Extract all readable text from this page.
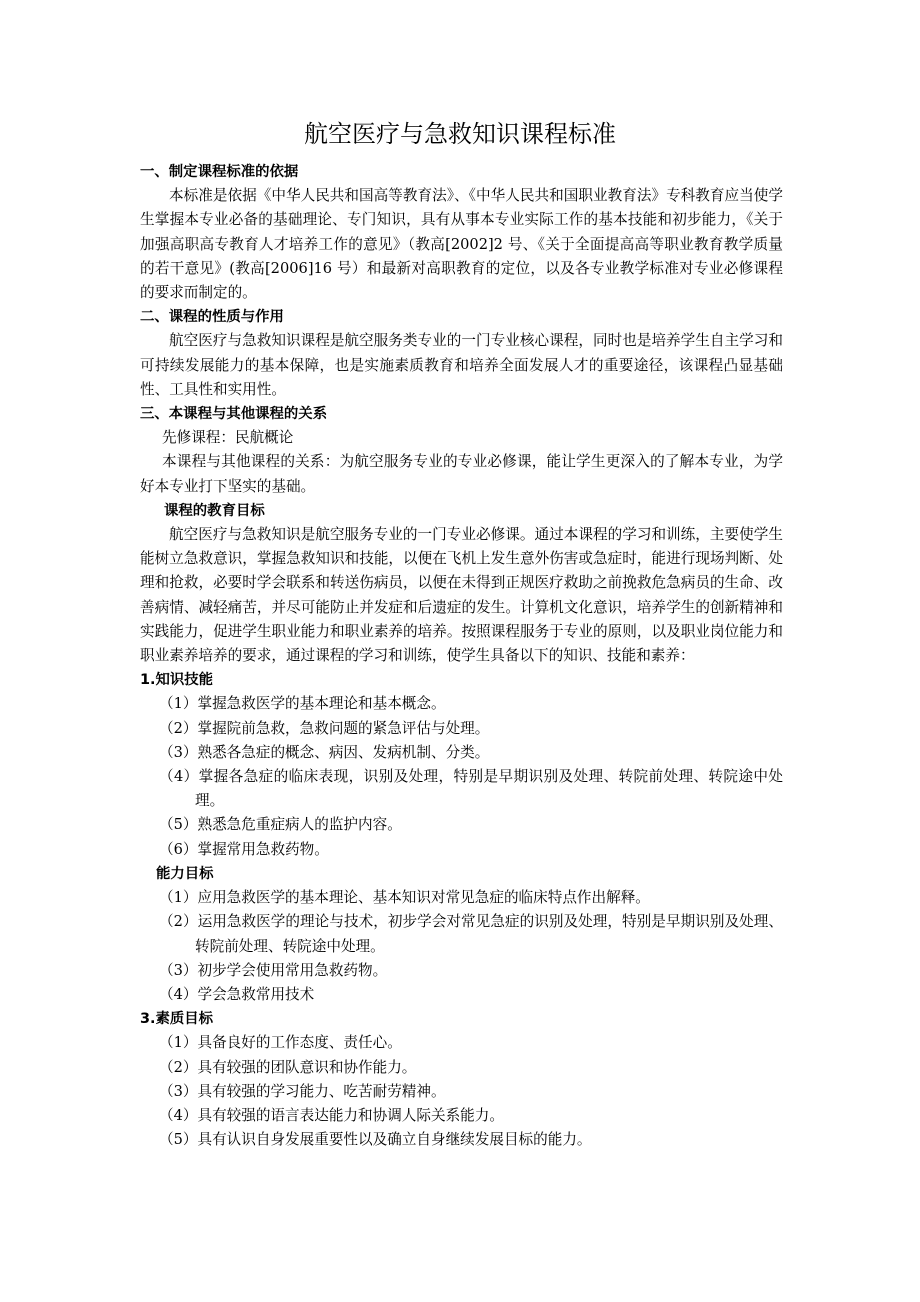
航空医疗与急救知识课程标准
一、制定课程标准的依据

本标准是依据《中华人民共和国高等教育法》、《中华人民共和国职业教育法》专科教育应当使学生掌握本专业必备的基础理论、专门知识，具有从事本专业实际工作的基本技能和初步能力，《关于加强高职高专教育人才培养工作的意见》（教高[2002]2 号、《关于全面提高高等职业教育教学质量的若干意见》(教高[2006]16 号）和最新对高职教育的定位，以及各专业教学标准对专业必修课程的要求而制定的。

二、课程的性质与作用

航空医疗与急救知识课程是航空服务类专业的一门专业核心课程，同时也是培养学生自主学习和可持续发展能力的基本保障，也是实施素质教育和培养全面发展人才的重要途径，该课程凸显基础性、工具性和实用性。

三、本课程与其他课程的关系

先修课程：民航概论

本课程与其他课程的关系：为航空服务专业的专业必修课，能让学生更深入的了解本专业，为学好本专业打下坚实的基础。

课程的教育目标

航空医疗与急救知识是航空服务专业的一门专业必修课。通过本课程的学习和训练，主要使学生能树立急救意识，掌握急救知识和技能，以便在飞机上发生意外伤害或急症时，能进行现场判断、处理和抢救，必要时学会联系和转送伤病员，以便在未得到正规医疗救助之前挽救危急病员的生命、改善病情、减轻痛苦，并尽可能防止并发症和后遗症的发生。计算机文化意识，培养学生的创新精神和实践能力，促进学生职业能力和职业素养的培养。按照课程服务于专业的原则，以及职业岗位能力和职业素养培养的要求，通过课程的学习和训练，使学生具备以下的知识、技能和素养：

1.知识技能
（1）掌握急救医学的基本理论和基本概念。
（2）掌握院前急救，急救问题的紧急评估与处理。
（3）熟悉各急症的概念、病因、发病机制、分类。
（4）掌握各急症的临床表现，识别及处理，特别是早期识别及处理、转院前处理、转院途中处理。
（5）熟悉急危重症病人的监护内容。
（6）掌握常用急救药物。
能力目标
（1）应用急救医学的基本理论、基本知识对常见急症的临床特点作出解释。
（2）运用急救医学的理论与技术，初步学会对常见急症的识别及处理，特别是早期识别及处理、转院前处理、转院途中处理。
（3）初步学会使用常用急救药物。
（4）学会急救常用技术
3.素质目标
（1）具备良好的工作态度、责任心。
（2）具有较强的团队意识和协作能力。
（3）具有较强的学习能力、吃苦耐劳精神。
（4）具有较强的语言表达能力和协调人际关系能力。
（5）具有认识自身发展重要性以及确立自身继续发展目标的能力。
